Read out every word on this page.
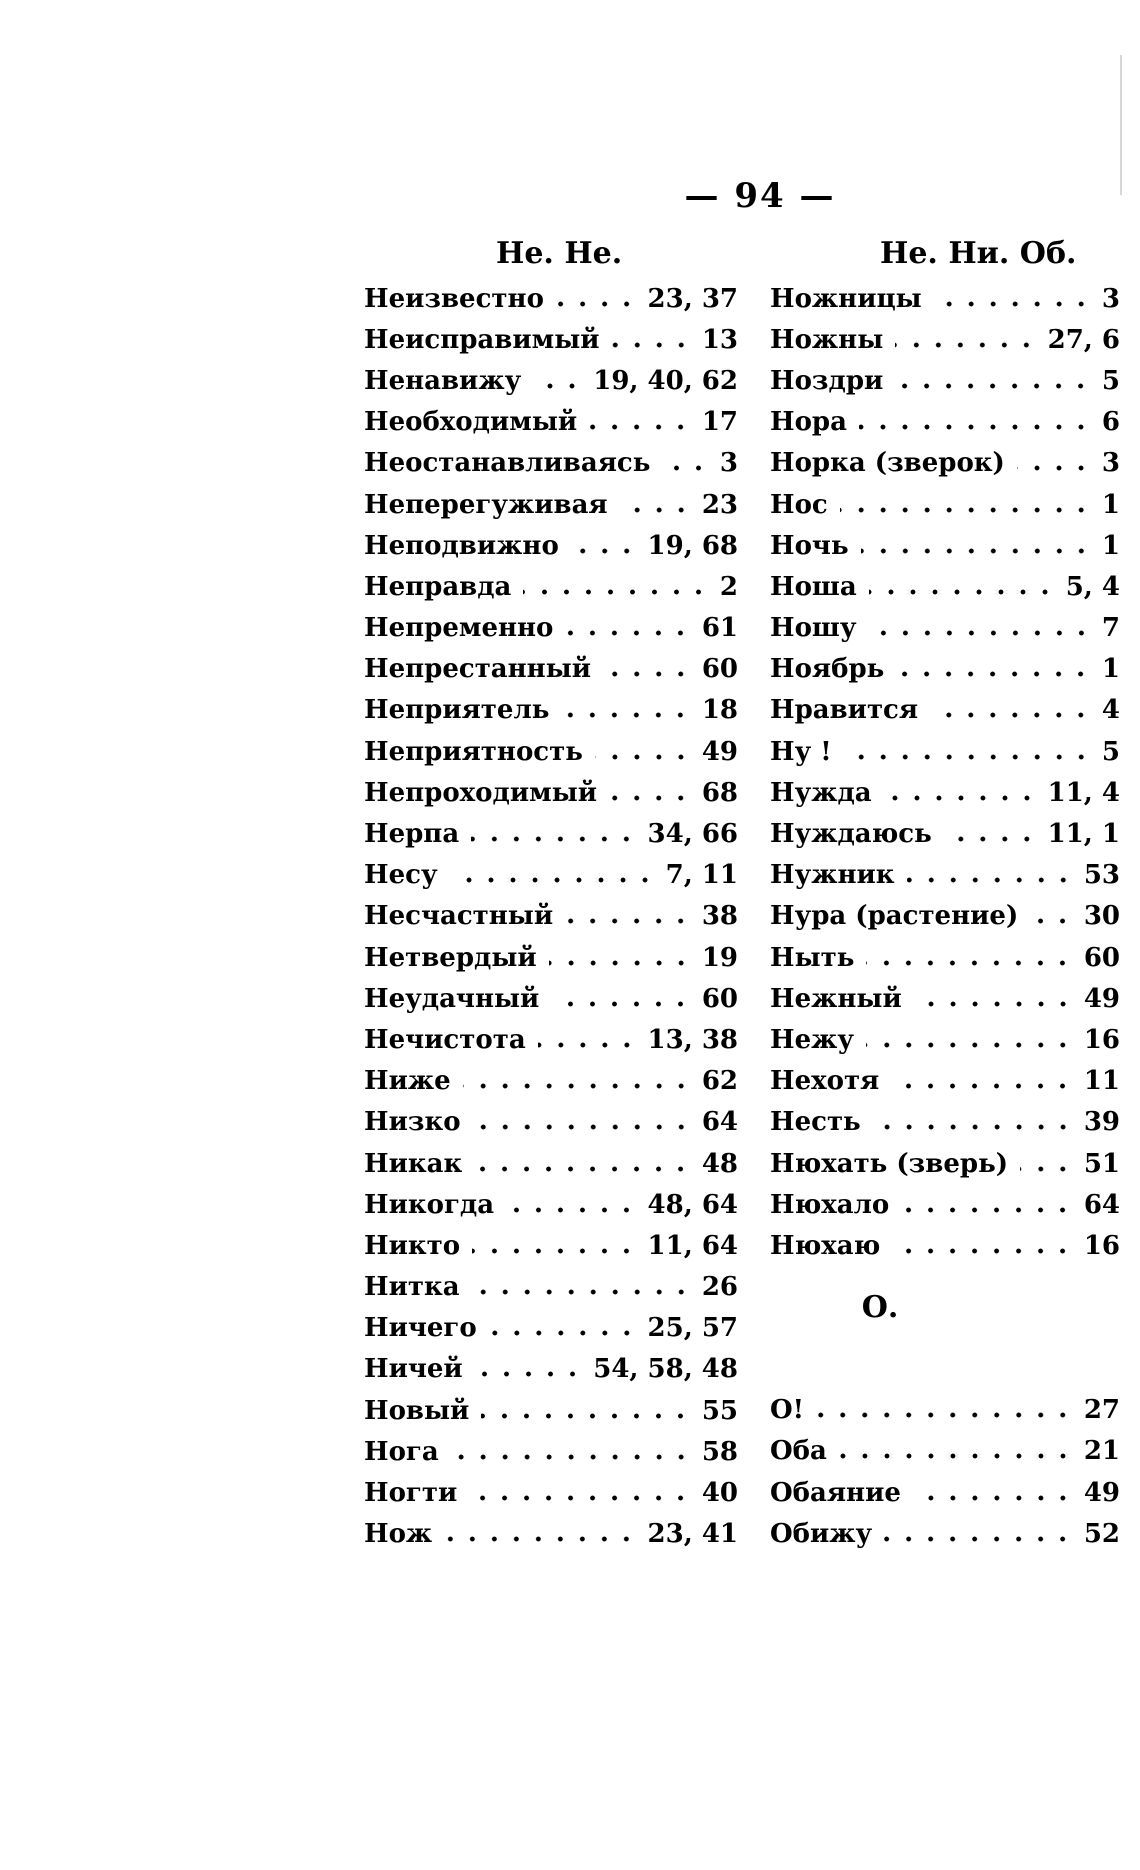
— 94 —
Не. Не.	Не. Ни. Об.
Неизвестно	23, 37
Неисправимый	13
Ненавижу	19, 40, 62
Необходимый	17
Неостанавливаясь	3
Неперегуживая	23
Неподвижно	19, 68
Неправда	2
Непременно	61
Непрестанный	60
Неприятель	18
Неприятность	49
Непроходимый	68
Нерпа	34, 66
Несу	7, 11
Несчастный	38
Нетвердый	19
Неудачный	60
Нечистота	13, 38
Ниже	62
Низко	64
Никак	48
Никогда	48, 64
Никто	11, 64
Нитка	26
Ничего	25, 57
Ничей	54, 58, 48
Новый	55
Нога	58
Ногти	40
Нож	23, 41
Ножницы	3
Ножны	27, 6
Ноздри	5
Нора	6
Норка (зверок)	3
Нос	1
Ночь	1
Ноша	5, 4
Ношу	7
Ноябрь	1
Нравится	4
Ну !	5
Нужда	11, 4
Нуждаюсь	11, 1
Нужник	53
Нура (растение)	30
Ныть	60
Нежный	49
Нежу	16
Нехотя	11
Несть	39
Нюхать (зверь)	51
Нюхало	64
Нюхаю	16
О.
О!	27
Оба	21
Обаяние	49
Обижу	52
